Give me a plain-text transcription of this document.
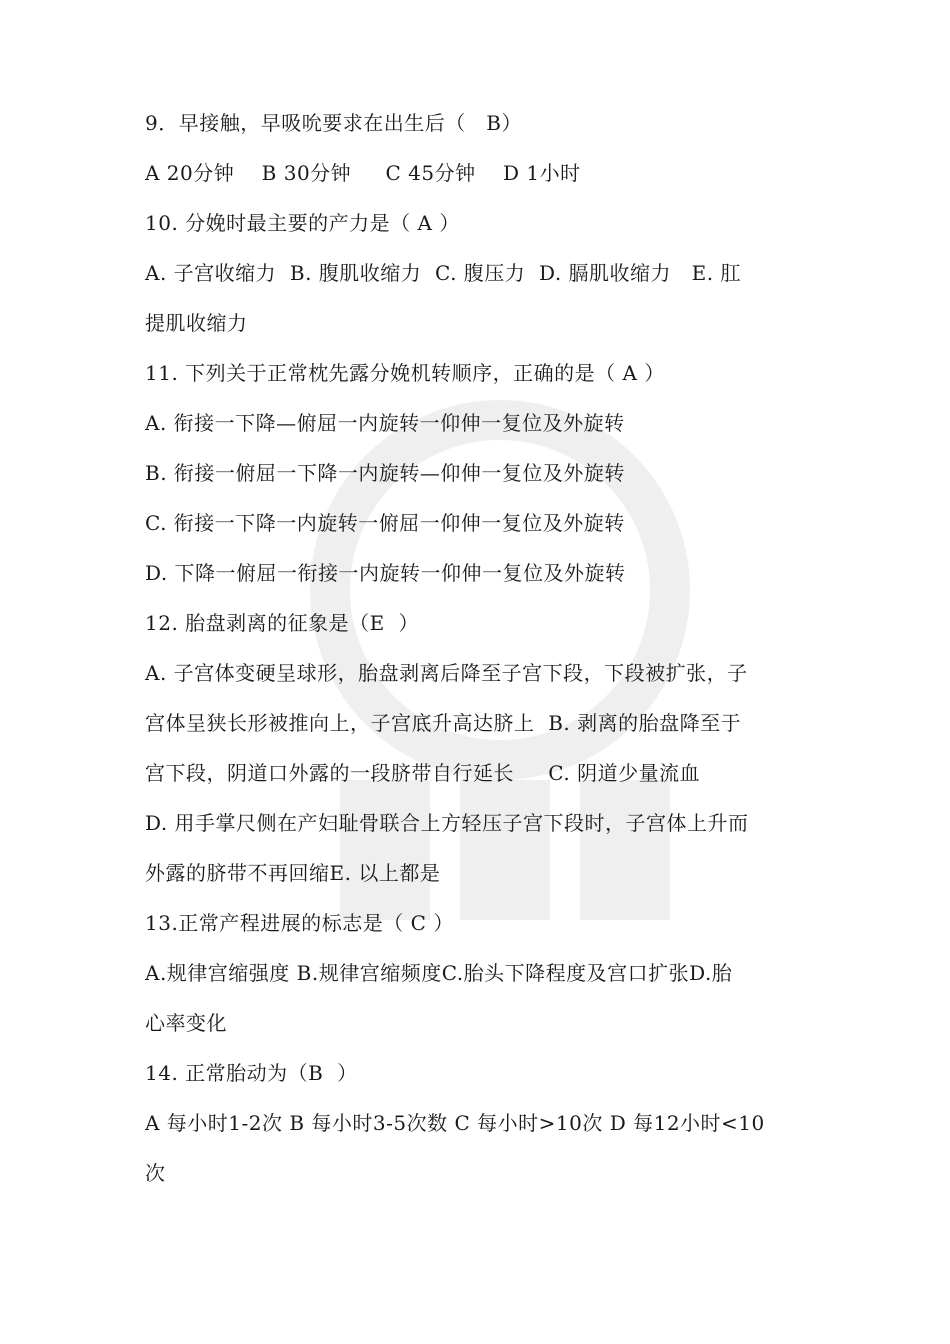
9．早接触，早吸吮要求在出生后（   B）
A 20分钟    B 30分钟     C 45分钟    D 1小时
10. 分娩时最主要的产力是（ A ）
A. 子宫收缩力  B. 腹肌收缩力  C. 腹压力  D. 膈肌收缩力   E. 肛
提肌收缩力
11. 下列关于正常枕先露分娩机转顺序，正确的是（ A ）
A. 衔接一下降—俯屈一内旋转一仰伸一复位及外旋转
B. 衔接一俯屈一下降一内旋转—仰伸一复位及外旋转
C. 衔接一下降一内旋转一俯屈一仰伸一复位及外旋转
D. 下降一俯屈一衔接一内旋转一仰伸一复位及外旋转
12. 胎盘剥离的征象是（E  ）
A. 子宫体变硬呈球形，胎盘剥离后降至子宫下段，下段被扩张，子
宫体呈狭长形被推向上，子宫底升高达脐上  B. 剥离的胎盘降至于
宫下段，阴道口外露的一段脐带自行延长     C. 阴道少量流血
D. 用手掌尺侧在产妇耻骨联合上方轻压子宫下段时，子宫体上升而
外露的脐带不再回缩E. 以上都是
13.正常产程进展的标志是（ C ）
A.规律宫缩强度 B.规律宫缩频度C.胎头下降程度及宫口扩张D.胎
心率变化
14. 正常胎动为（B  ）
A 每小时1-2次 B 每小时3-5次数 C 每小时>10次 D 每12小时<10
次
